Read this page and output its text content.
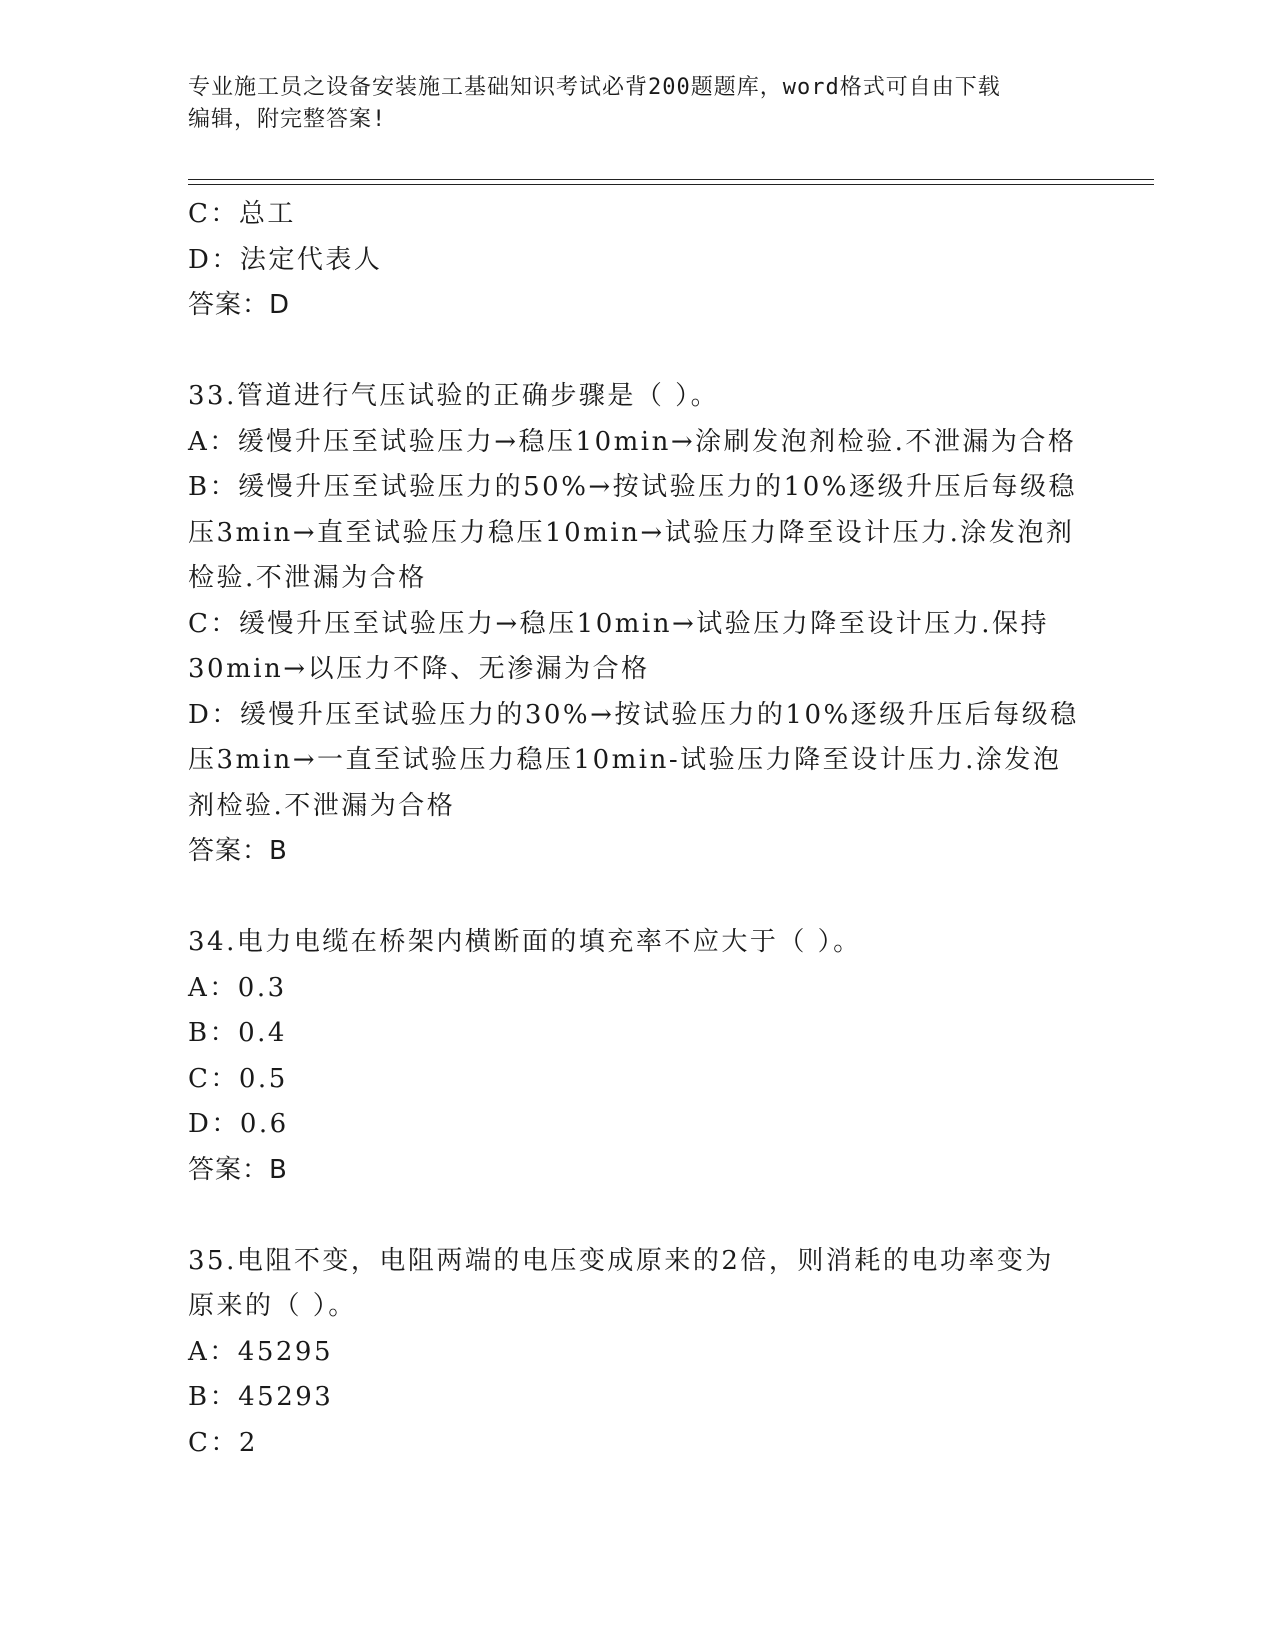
专业施工员之设备安装施工基础知识考试必背200题题库，word格式可自由下载
编辑，附完整答案!
C：总工
D：法定代表人
答案：D
33.管道进行气压试验的正确步骤是（ ）。
A：缓慢升压至试验压力→稳压10min→涂刷发泡剂检验.不泄漏为合格
B：缓慢升压至试验压力的50%→按试验压力的10%逐级升压后每级稳
压3min→直至试验压力稳压10min→试验压力降至设计压力.涂发泡剂
检验.不泄漏为合格
C：缓慢升压至试验压力→稳压10min→试验压力降至设计压力.保持
30min→以压力不降、无渗漏为合格
D：缓慢升压至试验压力的30%→按试验压力的10%逐级升压后每级稳
压3min→一直至试验压力稳压10min-试验压力降至设计压力.涂发泡
剂检验.不泄漏为合格
答案：B
34.电力电缆在桥架内横断面的填充率不应大于（ ）。
A：0.3
B：0.4
C：0.5
D：0.6
答案：B
35.电阻不变，电阻两端的电压变成原来的2倍，则消耗的电功率变为
原来的（ ）。
A：45295
B：45293
C：2
